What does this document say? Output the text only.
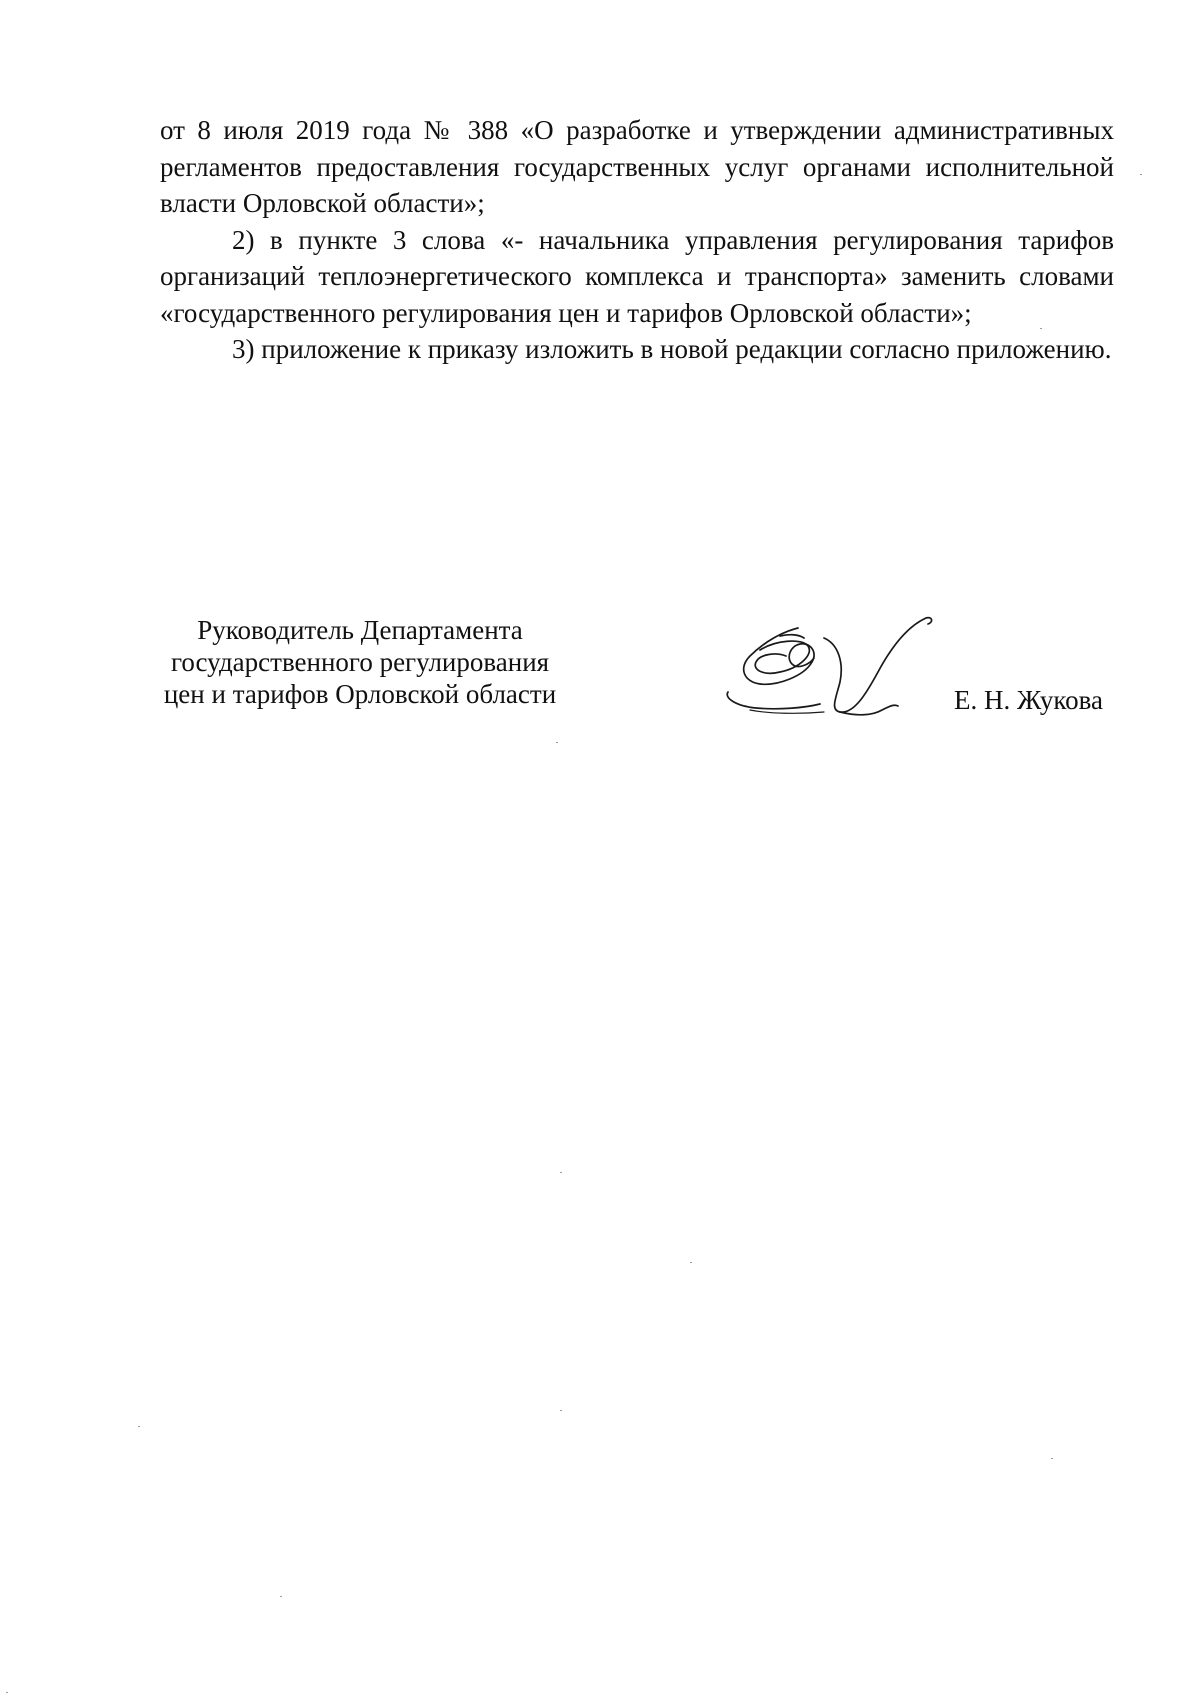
от 8 июля 2019 года № 388 «О разработке и утверждении административных регламентов предоставления государственных услуг органами исполнительной власти Орловской области»;

2) в пункте 3 слова «- начальника управления регулирования тарифов организаций теплоэнергетического комплекса и транспорта» заменить словами «государственного регулирования цен и тарифов Орловской области»;

3) приложение к приказу изложить в новой редакции согласно приложению.

Руководитель Департамента
государственного регулирования
цен и тарифов Орловской области	Е. Н. Жукова
